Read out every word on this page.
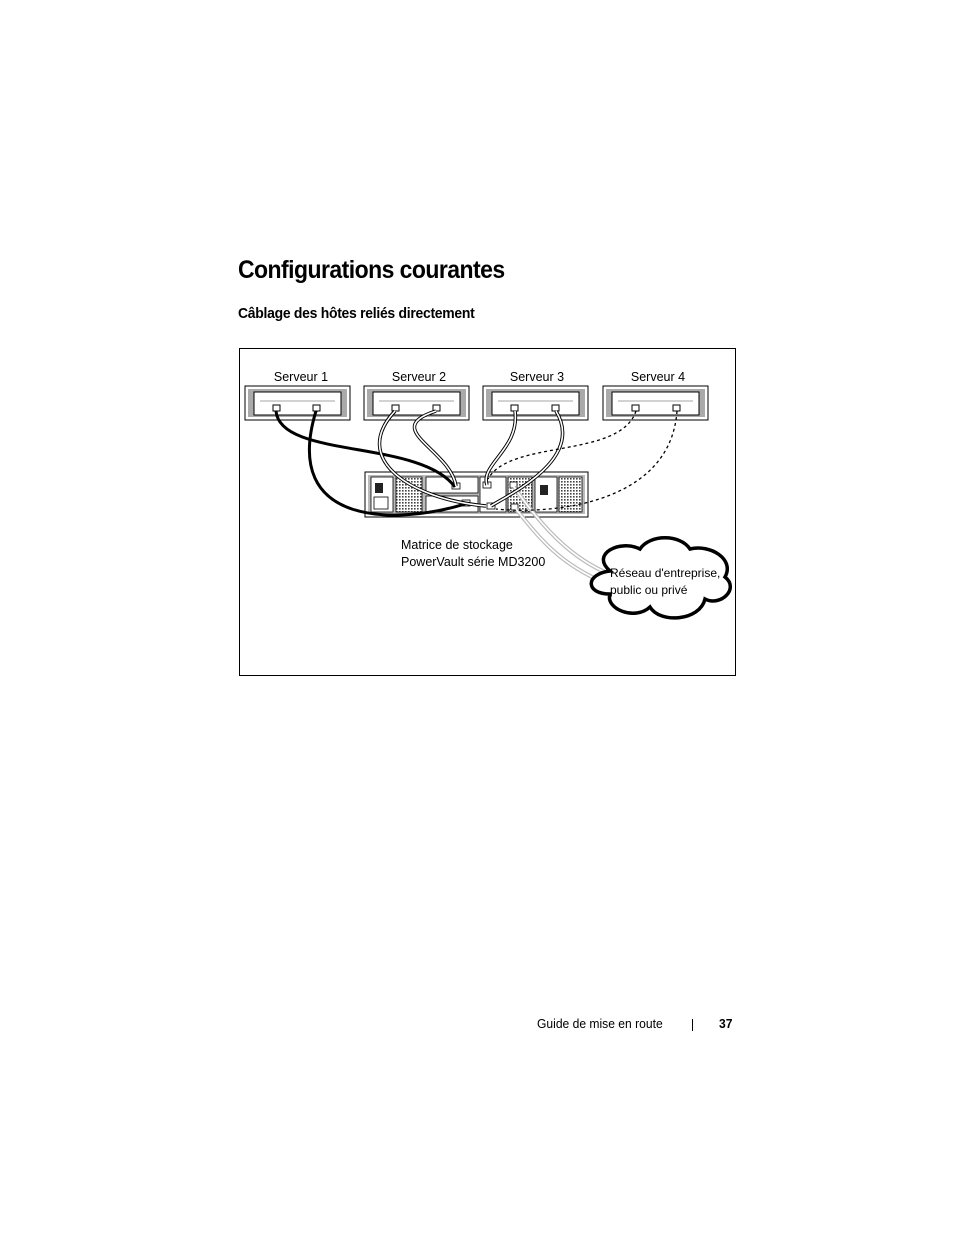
Configurations courantes
Câblage des hôtes reliés directement
Serveur 1	Serveur 2	Serveur 3	Serveur 4
Matrice de stockage
PowerVault série MD3200
Réseau d'entreprise,
public ou privé
Guide de mise en route	37
